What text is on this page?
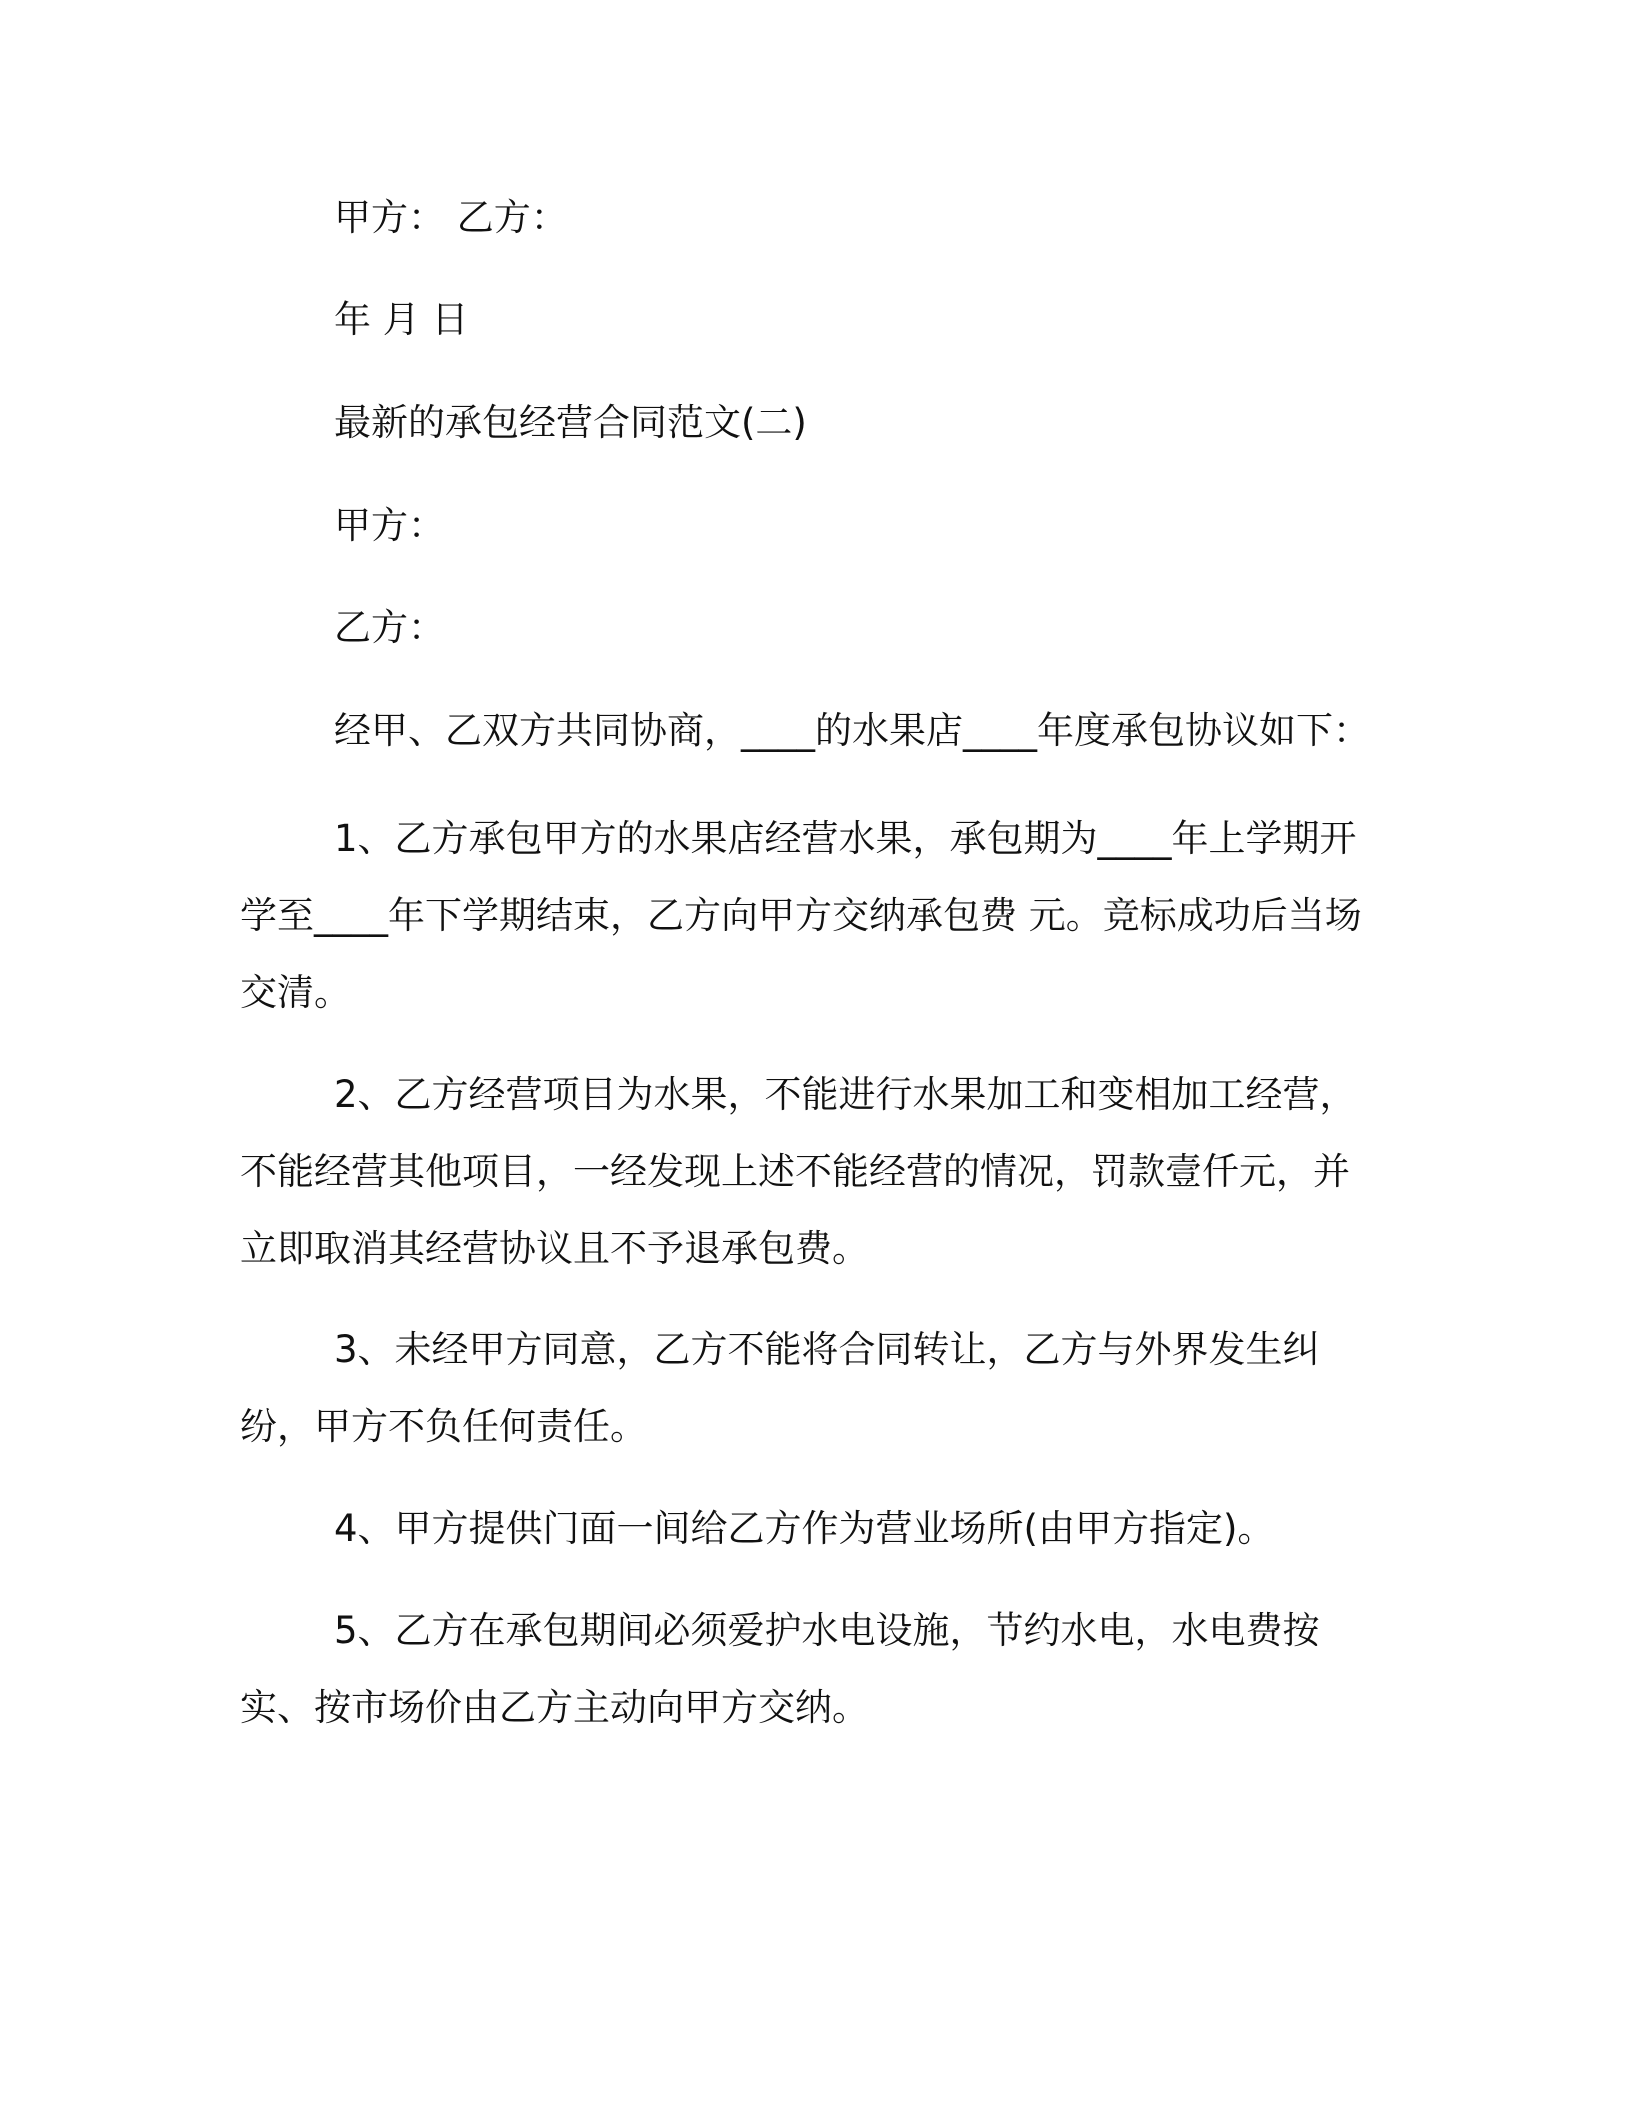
甲方： 乙方：

年 月 日

最新的承包经营合同范文(二)

甲方：

乙方：

经甲、乙双方共同协商，____的水果店____年度承包协议如下：

1、乙方承包甲方的水果店经营水果，承包期为____年上学期开学至____年下学期结束，乙方向甲方交纳承包费 元。竞标成功后当场交清。

2、乙方经营项目为水果，不能进行水果加工和变相加工经营，不能经营其他项目，一经发现上述不能经营的情况，罚款壹仟元，并立即取消其经营协议且不予退承包费。

3、未经甲方同意，乙方不能将合同转让，乙方与外界发生纠纷，甲方不负任何责任。

4、甲方提供门面一间给乙方作为营业场所(由甲方指定)。

5、乙方在承包期间必须爱护水电设施，节约水电，水电费按实、按市场价由乙方主动向甲方交纳。
